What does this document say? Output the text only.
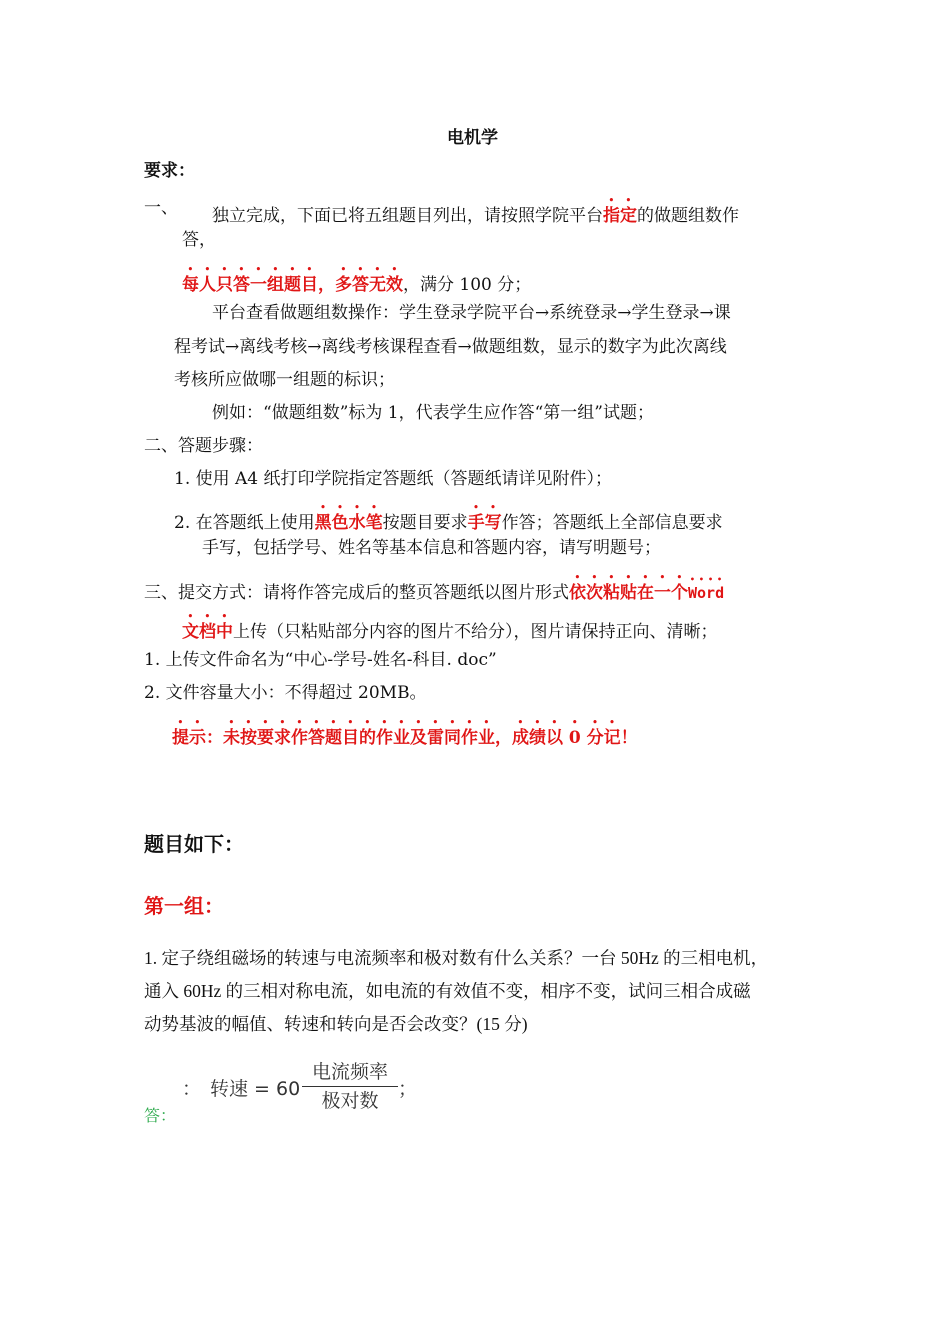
电机学
要求：
一、 独立完成，下面已将五组题目列出，请按照学院平台指定的做题组数作
答，
每人只答一组题目，多答无效，满分 100 分；
平台查看做题组数操作：学生登录学院平台→系统登录→学生登录→课
程考试→离线考核→离线考核课程查看→做题组数，显示的数字为此次离线
考核所应做哪一组题的标识；
例如：“做题组数”标为 1，代表学生应作答“第一组”试题；
二、答题步骤：
1. 使用 A4 纸打印学院指定答题纸（答题纸请详见附件）；
2. 在答题纸上使用黑色水笔按题目要求手写作答；答题纸上全部信息要求
手写，包括学号、姓名等基本信息和答题内容，请写明题号；
三、提交方式：请将作答完成后的整页答题纸以图片形式依次粘贴在一个Word
文档中上传（只粘贴部分内容的图片不给分），图片请保持正向、清晰；
1. 上传文件命名为“中心-学号-姓名-科目. doc”
2. 文件容量大小：不得超过 20MB。
提示：未按要求作答题目的作业及雷同作业，成绩以 0 分记！
题目如下：
第一组：
1. 定子绕组磁场的转速与电流频率和极对数有什么关系？一台 50Hz 的三相电机，
通入 60Hz 的三相对称电流，如电流的有效值不变，相序不变，试问三相合成磁
动势基波的幅值、转速和转向是否会改变？(15 分)
： 转速 = 60
电流频率
极对数
；
答：
